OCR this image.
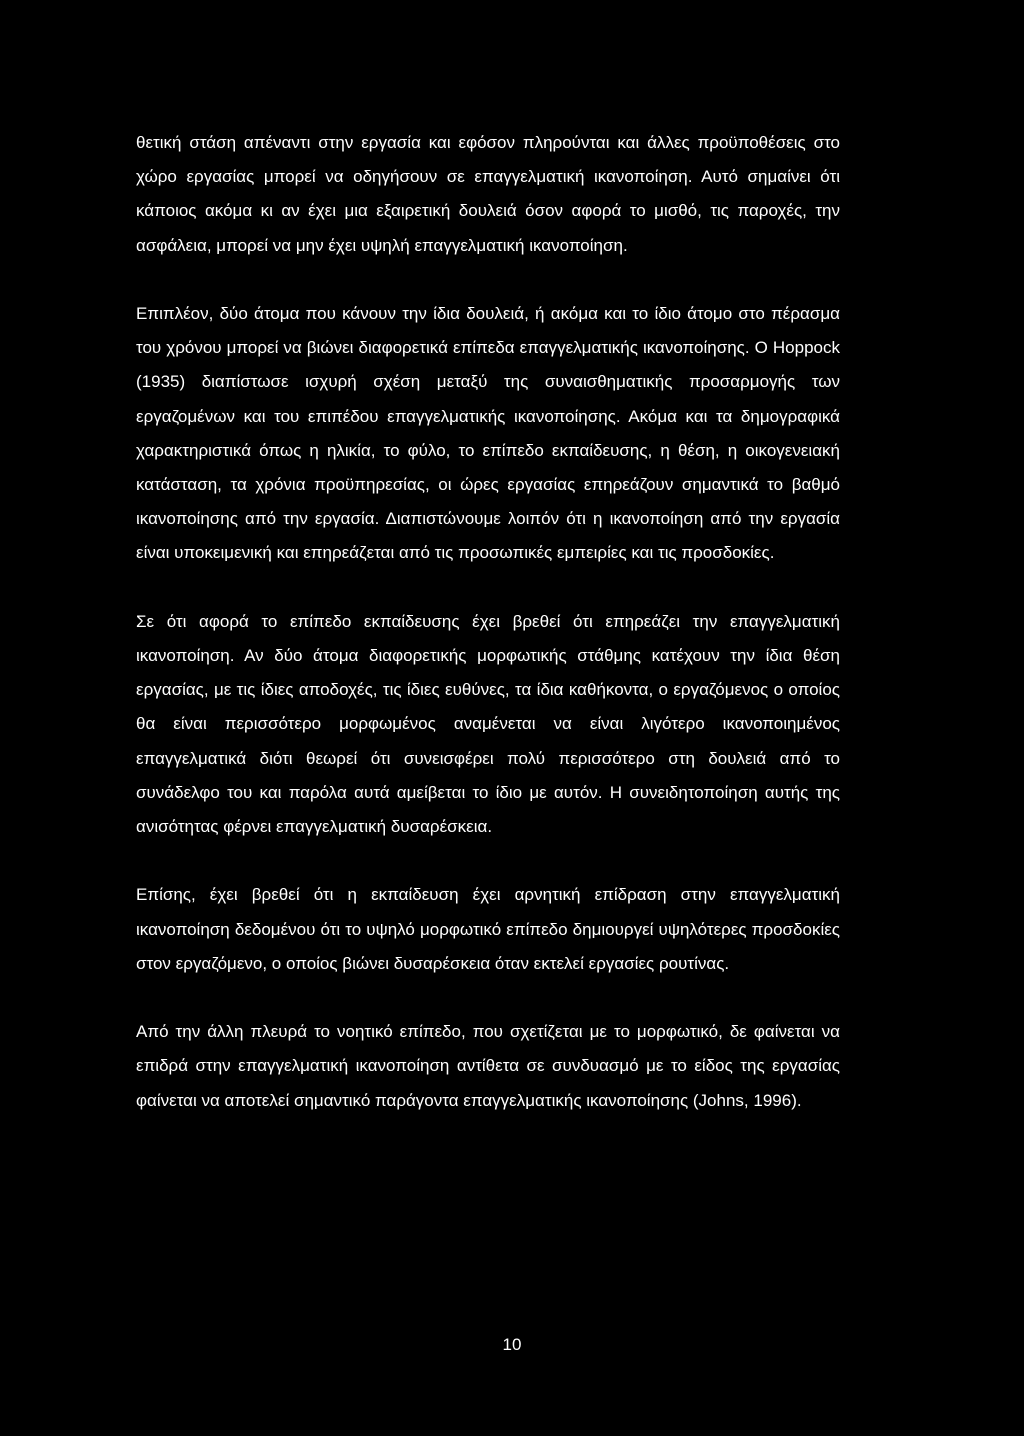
θετική στάση απέναντι στην εργασία και εφόσον πληρούνται και άλλες προϋποθέσεις στο χώρο εργασίας μπορεί να οδηγήσουν σε επαγγελματική ικανοποίηση. Αυτό σημαίνει ότι κάποιος ακόμα κι αν έχει μια εξαιρετική δουλειά όσον αφορά το μισθό, τις παροχές, την ασφάλεια, μπορεί να μην έχει υψηλή επαγγελματική ικανοποίηση.

Επιπλέον, δύο άτομα που κάνουν την ίδια δουλειά, ή ακόμα και το ίδιο άτομο στο πέρασμα του χρόνου μπορεί να βιώνει διαφορετικά επίπεδα επαγγελματικής ικανοποίησης. Ο Hoppock (1935) διαπίστωσε ισχυρή σχέση μεταξύ της συναισθηματικής προσαρμογής των εργαζομένων και του επιπέδου επαγγελματικής ικανοποίησης. Ακόμα και τα δημογραφικά χαρακτηριστικά όπως η ηλικία, το φύλο, το επίπεδο εκπαίδευσης, η θέση, η οικογενειακή κατάσταση, τα χρόνια προϋπηρεσίας, οι ώρες εργασίας επηρεάζουν σημαντικά το βαθμό ικανοποίησης από την εργασία. Διαπιστώνουμε λοιπόν ότι η ικανοποίηση από την εργασία είναι υποκειμενική και επηρεάζεται από τις προσωπικές εμπειρίες και τις προσδοκίες.

Σε ότι αφορά το επίπεδο εκπαίδευσης έχει βρεθεί ότι επηρεάζει την επαγγελματική ικανοποίηση. Αν δύο άτομα διαφορετικής μορφωτικής στάθμης κατέχουν την ίδια θέση εργασίας, με τις ίδιες αποδοχές, τις ίδιες ευθύνες, τα ίδια καθήκοντα, ο εργαζόμενος ο οποίος θα είναι περισσότερο μορφωμένος αναμένεται να είναι λιγότερο ικανοποιημένος επαγγελματικά διότι θεωρεί ότι συνεισφέρει πολύ περισσότερο στη δουλειά από το συνάδελφο του και παρόλα αυτά αμείβεται το ίδιο με αυτόν. Η συνειδητοποίηση αυτής της ανισότητας φέρνει επαγγελματική δυσαρέσκεια.

Επίσης, έχει βρεθεί ότι η εκπαίδευση έχει αρνητική επίδραση στην επαγγελματική ικανοποίηση δεδομένου ότι το υψηλό μορφωτικό επίπεδο δημιουργεί υψηλότερες προσδοκίες στον εργαζόμενο, ο οποίος βιώνει δυσαρέσκεια όταν εκτελεί εργασίες ρουτίνας.

Από την άλλη πλευρά το νοητικό επίπεδο, που σχετίζεται με το μορφωτικό, δε φαίνεται να επιδρά στην επαγγελματική ικανοποίηση αντίθετα σε συνδυασμό με το είδος της εργασίας φαίνεται να αποτελεί σημαντικό παράγοντα επαγγελματικής ικανοποίησης (Johns, 1996).

10
